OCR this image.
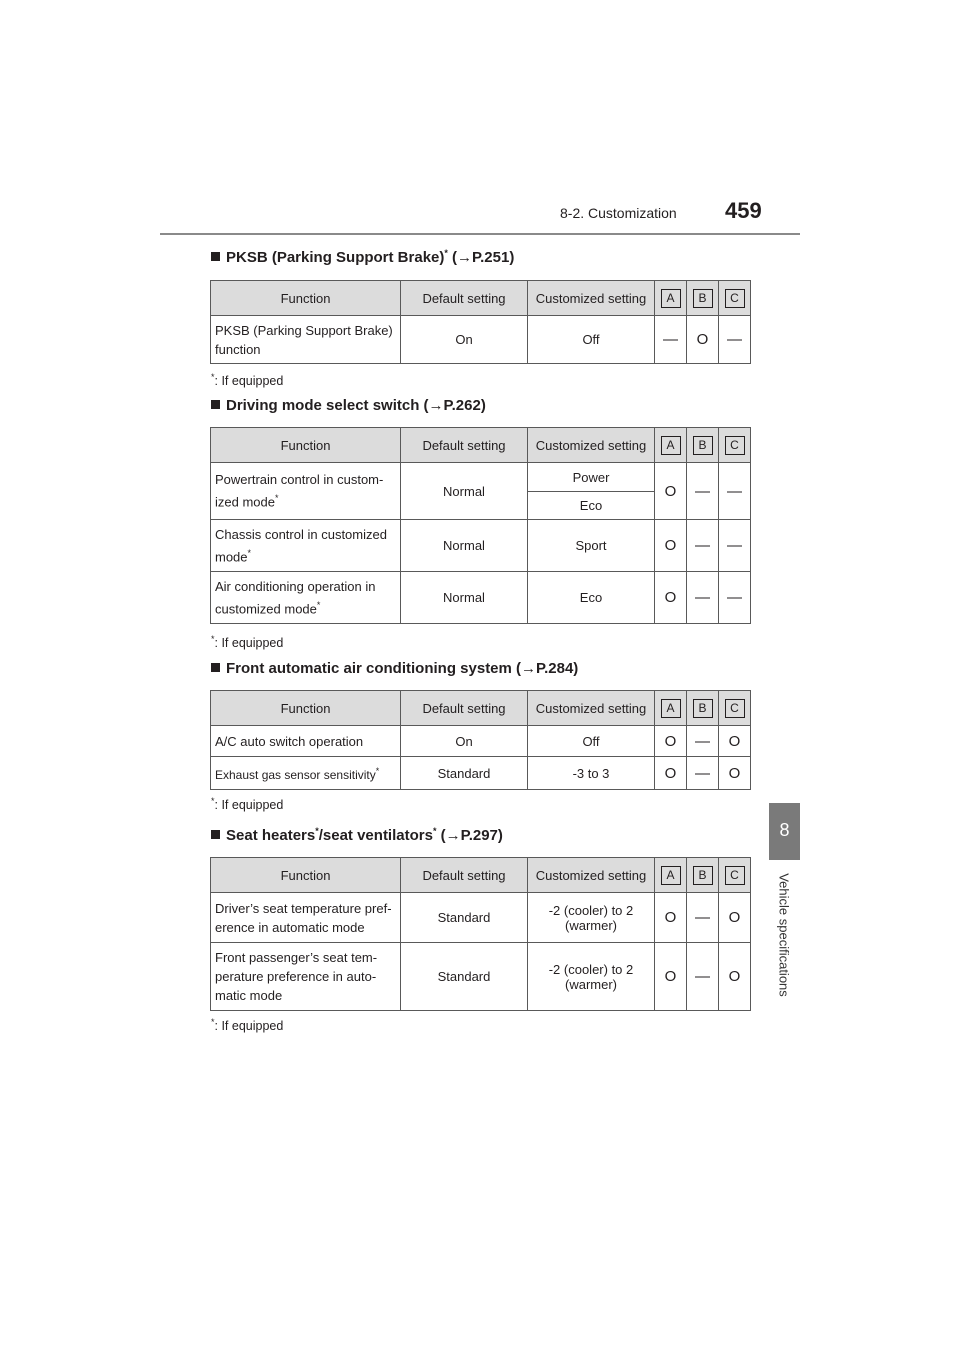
8-2. Customization 459
8
Vehicle specifications
PKSB (Parking Support Brake)* (→P.251)
Function	Default setting	Customized setting	A	B	C
PKSB (Parking Support Brake) function	On	Off	—	O	—
*: If equipped
Driving mode select switch (→P.262)
Function	Default setting	Customized setting	A	B	C
Powertrain control in custom-ized mode*	Normal	Power	O	—	—
		Eco			
Chassis control in customized mode*	Normal	Sport	O	—	—
Air conditioning operation in customized mode*	Normal	Eco	O	—	—
*: If equipped
Front automatic air conditioning system (→P.284)
Function	Default setting	Customized setting	A	B	C
A/C auto switch operation	On	Off	O	—	O
Exhaust gas sensor sensitivity*	Standard	-3 to 3	O	—	O
*: If equipped
Seat heaters*/seat ventilators* (→P.297)
Function	Default setting	Customized setting	A	B	C
Driver’s seat temperature pref-erence in automatic mode	Standard	-2 (cooler) to 2 (warmer)	O	—	O
Front passenger’s seat tem-perature preference in auto-matic mode	Standard	-2 (cooler) to 2 (warmer)	O	—	O
*: If equipped
